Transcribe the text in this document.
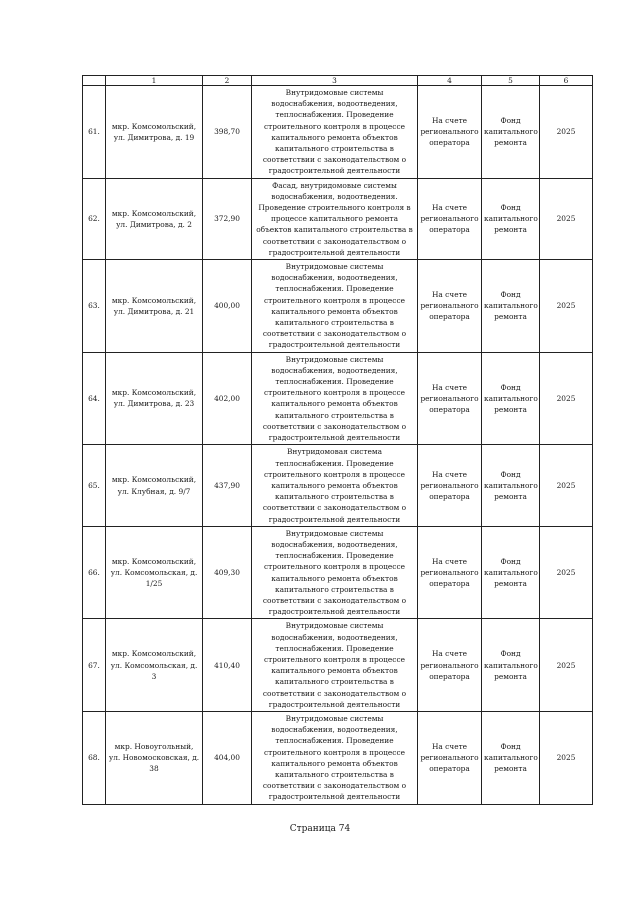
	1	2	3	4	5	6
61.	мкр. Комсомольский, ул. Димитрова, д. 19	398,70	Внутридомовые системы водоснабжения, водоотведения, теплоснабжения. Проведение строительного контроля в процессе капитального ремонта объектов капитального строительства в соответствии с законодательством о градостроительной деятельности	На счете регионального оператора	Фонд капитального ремонта	2025
62.	мкр. Комсомольский, ул. Димитрова, д. 2	372,90	Фасад, внутридомовые системы водоснабжения, водоотведения. Проведение строительного контроля в процессе капитального ремонта объектов капитального строительства в соответствии с законодательством о градостроительной деятельности	На счете регионального оператора	Фонд капитального ремонта	2025
63.	мкр. Комсомольский, ул. Димитрова, д. 21	400,00	Внутридомовые системы водоснабжения, водоотведения, теплоснабжения. Проведение строительного контроля в процессе капитального ремонта объектов капитального строительства в соответствии с законодательством о градостроительной деятельности	На счете регионального оператора	Фонд капитального ремонта	2025
64.	мкр. Комсомольский, ул. Димитрова, д. 23	402,00	Внутридомовые системы водоснабжения, водоотведения, теплоснабжения. Проведение строительного контроля в процессе капитального ремонта объектов капитального строительства в соответствии с законодательством о градостроительной деятельности	На счете регионального оператора	Фонд капитального ремонта	2025
65.	мкр. Комсомольский, ул. Клубная, д. 9/7	437,90	Внутридомовая система теплоснабжения. Проведение строительного контроля в процессе капитального ремонта объектов капитального строительства в соответствии с законодательством о градостроительной деятельности	На счете регионального оператора	Фонд капитального ремонта	2025
66.	мкр. Комсомольский, ул. Комсомольская, д. 1/25	409,30	Внутридомовые системы водоснабжения, водоотведения, теплоснабжения. Проведение строительного контроля в процессе капитального ремонта объектов капитального строительства в соответствии с законодательством о градостроительной деятельности	На счете регионального оператора	Фонд капитального ремонта	2025
67.	мкр. Комсомольский, ул. Комсомольская, д. 3	410,40	Внутридомовые системы водоснабжения, водоотведения, теплоснабжения. Проведение строительного контроля в процессе капитального ремонта объектов капитального строительства в соответствии с законодательством о градостроительной деятельности	На счете регионального оператора	Фонд капитального ремонта	2025
68.	мкр. Новоугольный, ул. Новомосковская, д. 38	404,00	Внутридомовые системы водоснабжения, водоотведения, теплоснабжения. Проведение строительного контроля в процессе капитального ремонта объектов капитального строительства в соответствии с законодательством о градостроительной деятельности	На счете регионального оператора	Фонд капитального ремонта	2025
Страница 74
